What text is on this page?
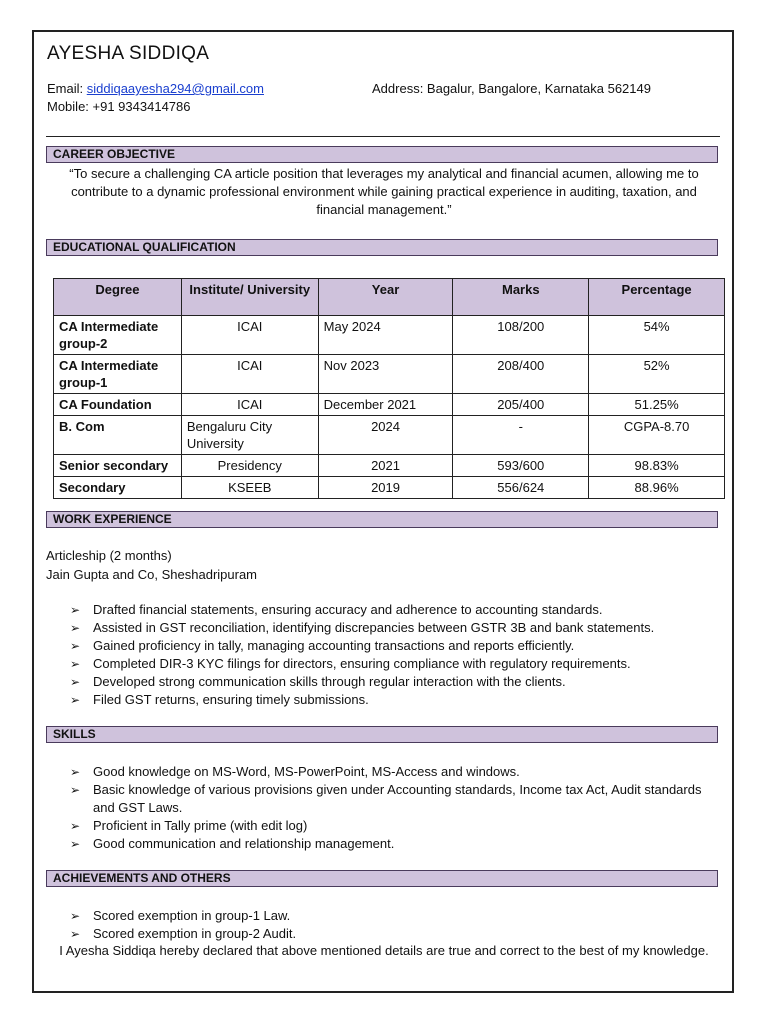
AYESHA SIDDIQA
Email: siddiqaayesha294@gmail.com	Address: Bagalur, Bangalore, Karnataka 562149
Mobile: +91 9343414786
CAREER OBJECTIVE
“To secure a challenging CA article position that leverages my analytical and financial acumen, allowing me to contribute to a dynamic professional environment while gaining practical experience in auditing, taxation, and financial management.”
EDUCATIONAL QUALIFICATION
Degree	Institute/ University	Year	Marks	Percentage
CA Intermediate group-2	ICAI	May 2024	108/200	54%
CA Intermediate group-1	ICAI	Nov 2023	208/400	52%
CA Foundation	ICAI	December 2021	205/400	51.25%
B. Com	Bengaluru City University	2024	-	CGPA-8.70
Senior secondary	Presidency	2021	593/600	98.83%
Secondary	KSEEB	2019	556/624	88.96%
WORK EXPERIENCE
Articleship (2 months)
Jain Gupta and Co, Sheshadripuram
➢ Drafted financial statements, ensuring accuracy and adherence to accounting standards.
➢ Assisted in GST reconciliation, identifying discrepancies between GSTR 3B and bank statements.
➢ Gained proficiency in tally, managing accounting transactions and reports efficiently.
➢ Completed DIR-3 KYC filings for directors, ensuring compliance with regulatory requirements.
➢ Developed strong communication skills through regular interaction with the clients.
➢ Filed GST returns, ensuring timely submissions.
SKILLS
➢ Good knowledge on MS-Word, MS-PowerPoint, MS-Access and windows.
➢ Basic knowledge of various provisions given under Accounting standards, Income tax Act, Audit standards and GST Laws.
➢ Proficient in Tally prime (with edit log)
➢ Good communication and relationship management.
ACHIEVEMENTS AND OTHERS
➢ Scored exemption in group-1 Law.
➢ Scored exemption in group-2 Audit.
I Ayesha Siddiqa hereby declared that above mentioned details are true and correct to the best of my knowledge.
